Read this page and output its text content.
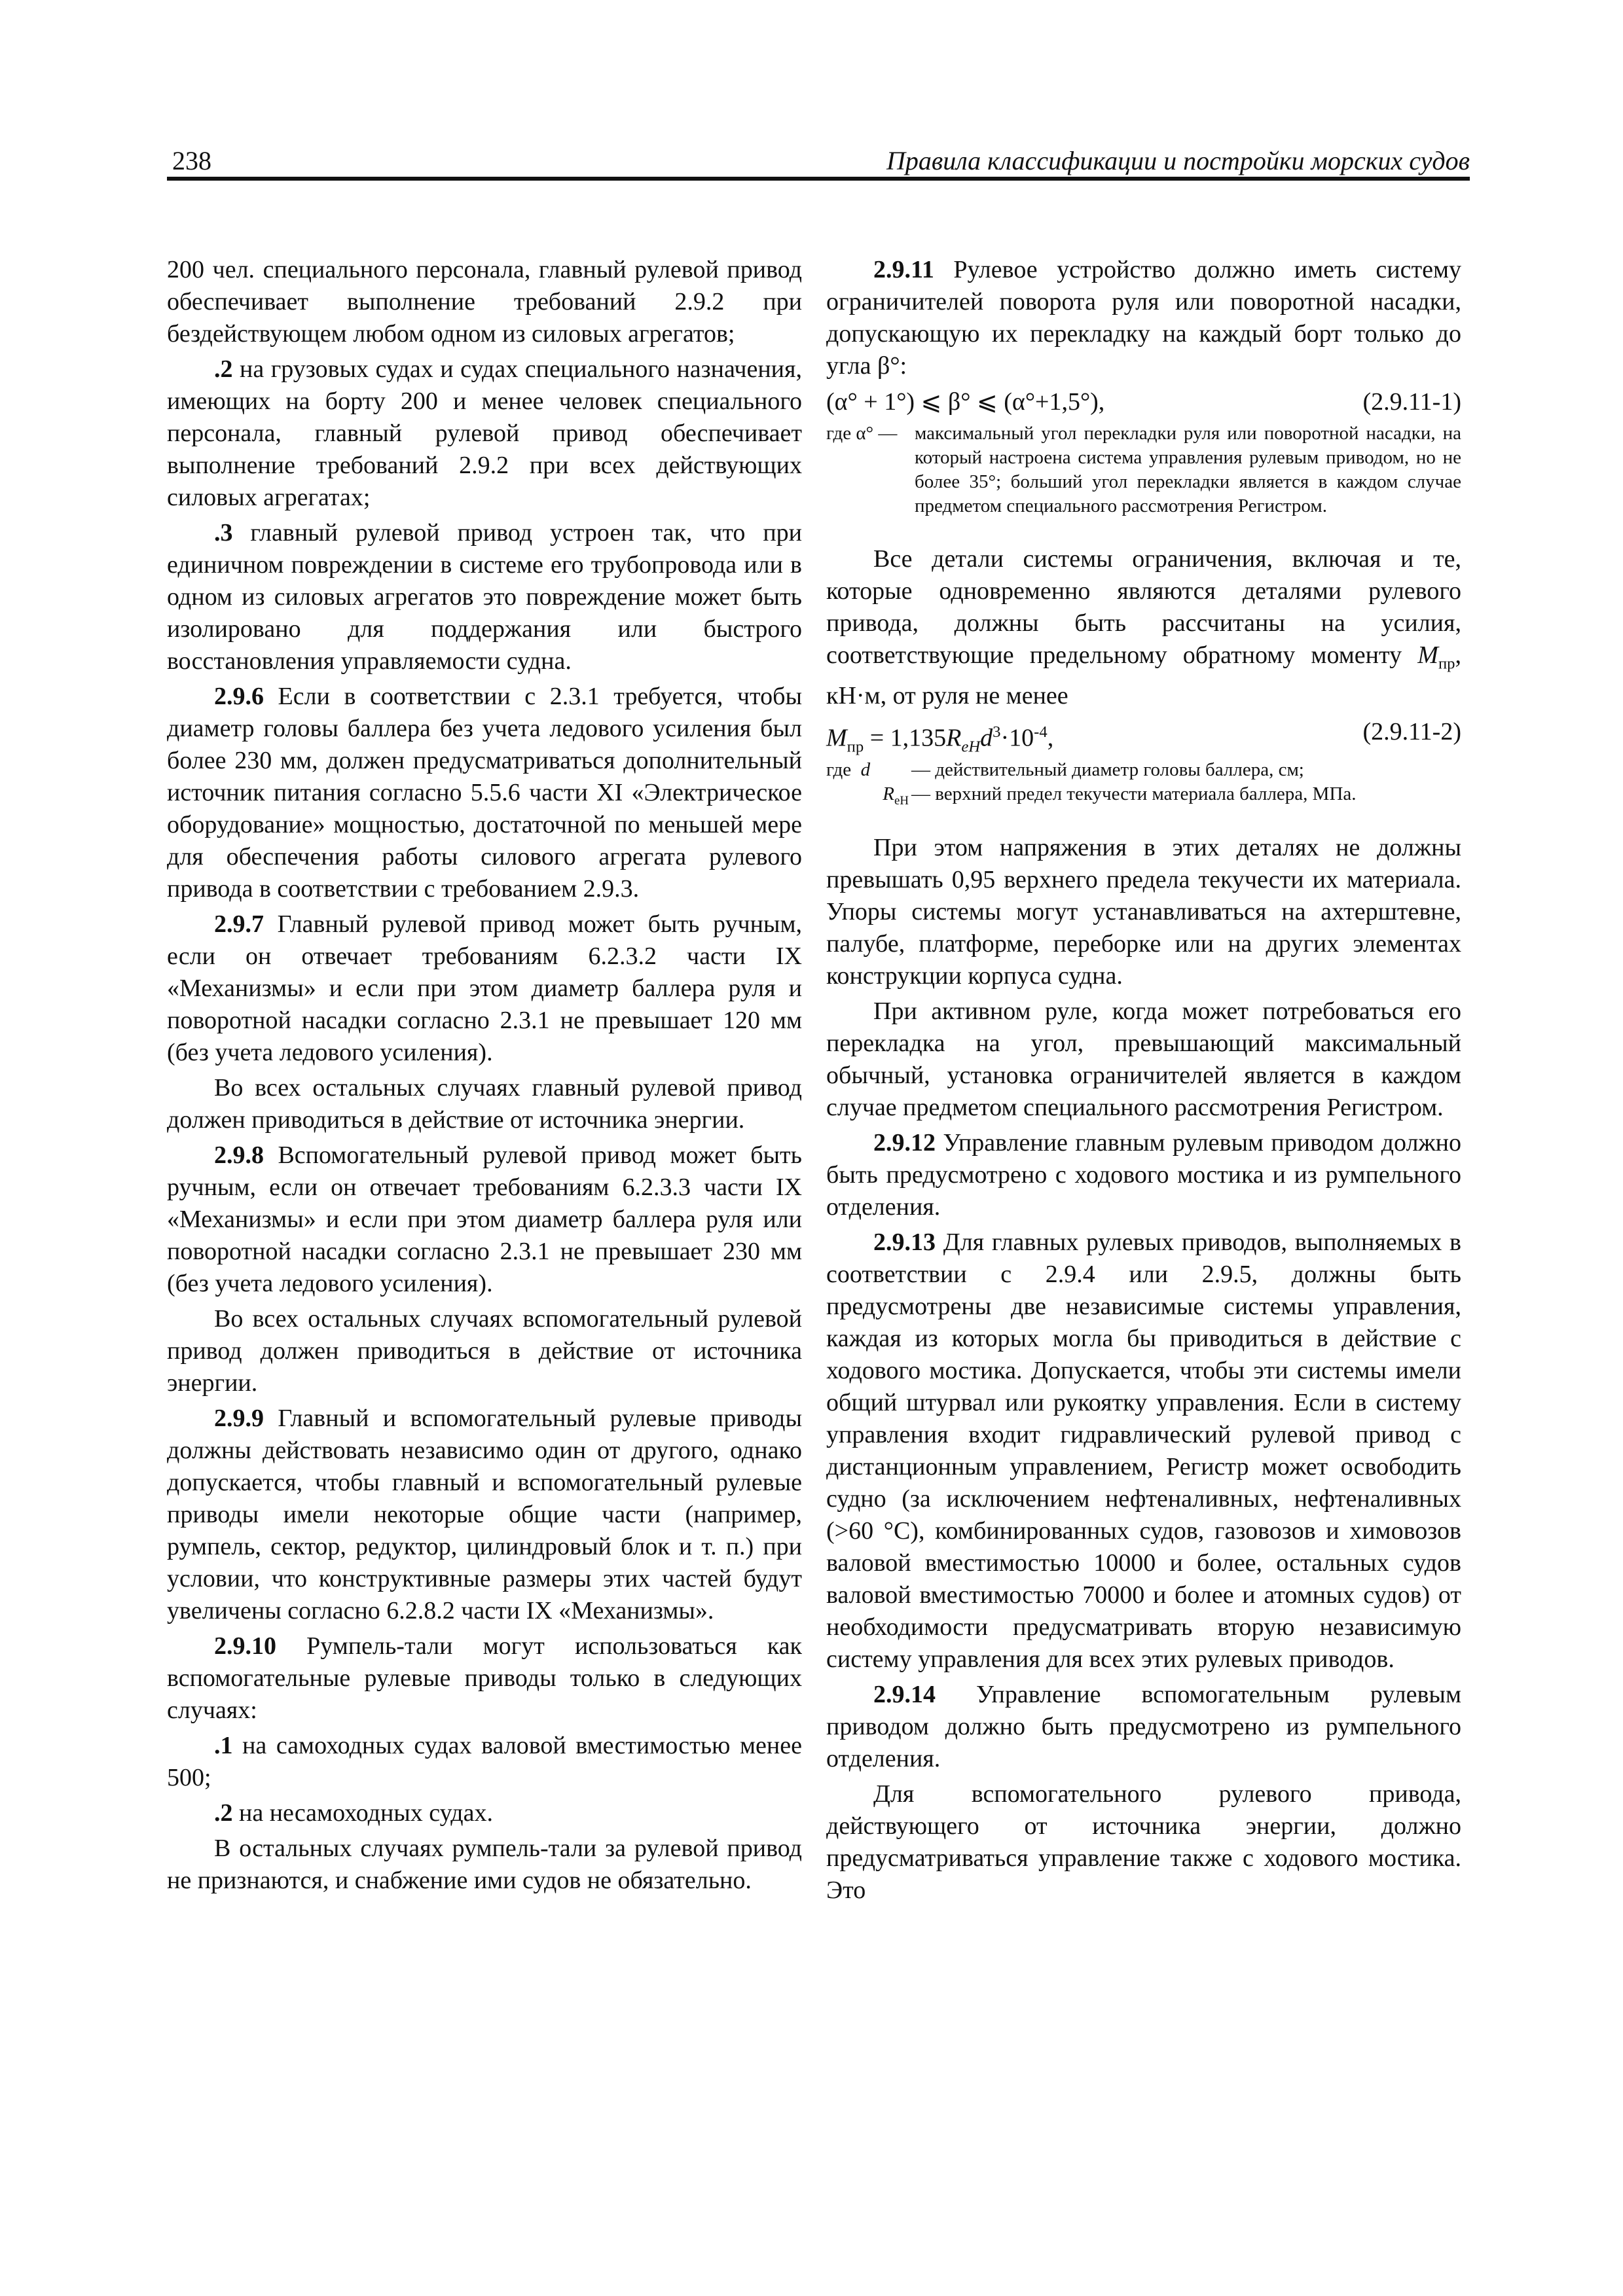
238	Правила классификации и постройки морских судов

200 чел. специального персонала, главный рулевой привод обеспечивает выполнение требований 2.9.2 при бездействующем любом одном из силовых агрегатов;

.2 на грузовых судах и судах специального назначения, имеющих на борту 200 и менее человек специального персонала, главный рулевой привод обеспечивает выполнение требований 2.9.2 при всех действующих силовых агрегатах;

.3 главный рулевой привод устроен так, что при единичном повреждении в системе его трубопровода или в одном из силовых агрегатов это повреждение может быть изолировано для поддержания или быстрого восстановления управляемости судна.

2.9.6 Если в соответствии с 2.3.1 требуется, чтобы диаметр головы баллера без учета ледового усиления был более 230 мм, должен предусматриваться дополнительный источник питания согласно 5.5.6 части XI «Электрическое оборудование» мощностью, достаточной по меньшей мере для обеспечения работы силового агрегата рулевого привода в соответствии с требованием 2.9.3.

2.9.7 Главный рулевой привод может быть ручным, если он отвечает требованиям 6.2.3.2 части IX «Механизмы» и если при этом диаметр баллера руля и поворотной насадки согласно 2.3.1 не превышает 120 мм (без учета ледового усиления).

Во всех остальных случаях главный рулевой привод должен приводиться в действие от источника энергии.

2.9.8 Вспомогательный рулевой привод может быть ручным, если он отвечает требованиям 6.2.3.3 части IX «Механизмы» и если при этом диаметр баллера руля или поворотной насадки согласно 2.3.1 не превышает 230 мм (без учета ледового усиления).

Во всех остальных случаях вспомогательный рулевой привод должен приводиться в действие от источника энергии.

2.9.9 Главный и вспомогательный рулевые приводы должны действовать независимо один от другого, однако допускается, чтобы главный и вспомогательный рулевые приводы имели некоторые общие части (например, румпель, сектор, редуктор, цилиндровый блок и т. п.) при условии, что конструктивные размеры этих частей будут увеличены согласно 6.2.8.2 части IX «Механизмы».

2.9.10 Румпель-тали могут использоваться как вспомогательные рулевые приводы только в следующих случаях:

.1 на самоходных судах валовой вместимостью менее 500;

.2 на несамоходных судах.

В остальных случаях румпель-тали за рулевой привод не признаются, и снабжение ими судов не обязательно.

2.9.11 Рулевое устройство должно иметь систему ограничителей поворота руля или поворотной насадки, допускающую их перекладку на каждый борт только до угла β°:

(α° + 1°) ⩽ β° ⩽ (α°+1,5°),	(2.9.11-1)
где α° — максимальный угол перекладки руля или поворотной насадки, на который настроена система управления рулевым приводом, но не более 35°; больший угол перекладки является в каждом случае предметом специального рассмотрения Регистром.

Все детали системы ограничения, включая и те, которые одновременно являются деталями рулевого привода, должны быть рассчитаны на усилия, соответствующие предельному обратному моменту $M_{пр}$, кН·м, от руля не менее

$M_{пр} = 1,135R_{eH}d^3\cdot 10^{-4}$,	(2.9.11-2)
где d	— действительный диаметр головы баллера, см;
$R_{eH}$ — верхний предел текучести материала баллера, МПа.

При этом напряжения в этих деталях не должны превышать 0,95 верхнего предела текучести их материала. Упоры системы могут устанавливаться на ахтерштевне, палубе, платформе, переборке или на других элементах конструкции корпуса судна.

При активном руле, когда может потребоваться его перекладка на угол, превышающий максимальный обычный, установка ограничителей является в каждом случае предметом специального рассмотрения Регистром.

2.9.12 Управление главным рулевым приводом должно быть предусмотрено с ходового мостика и из румпельного отделения.

2.9.13 Для главных рулевых приводов, выполняемых в соответствии с 2.9.4 или 2.9.5, должны быть предусмотрены две независимые системы управления, каждая из которых могла бы приводиться в действие с ходового мостика. Допускается, чтобы эти системы имели общий штурвал или рукоятку управления. Если в систему управления входит гидравлический рулевой привод с дистанционным управлением, Регистр может освободить судно (за исключением нефтеналивных, нефтеналивных (>60 °С), комбинированных судов, газовозов и химовозов валовой вместимостью 10000 и более, остальных судов валовой вместимостью 70000 и более и атомных судов) от необходимости предусматривать вторую независимую систему управления для всех этих рулевых приводов.

2.9.14 Управление вспомогательным рулевым приводом должно быть предусмотрено из румпельного отделения.

Для вспомогательного рулевого привода, действующего от источника энергии, должно предусматриваться управление также с ходового мостика. Это
